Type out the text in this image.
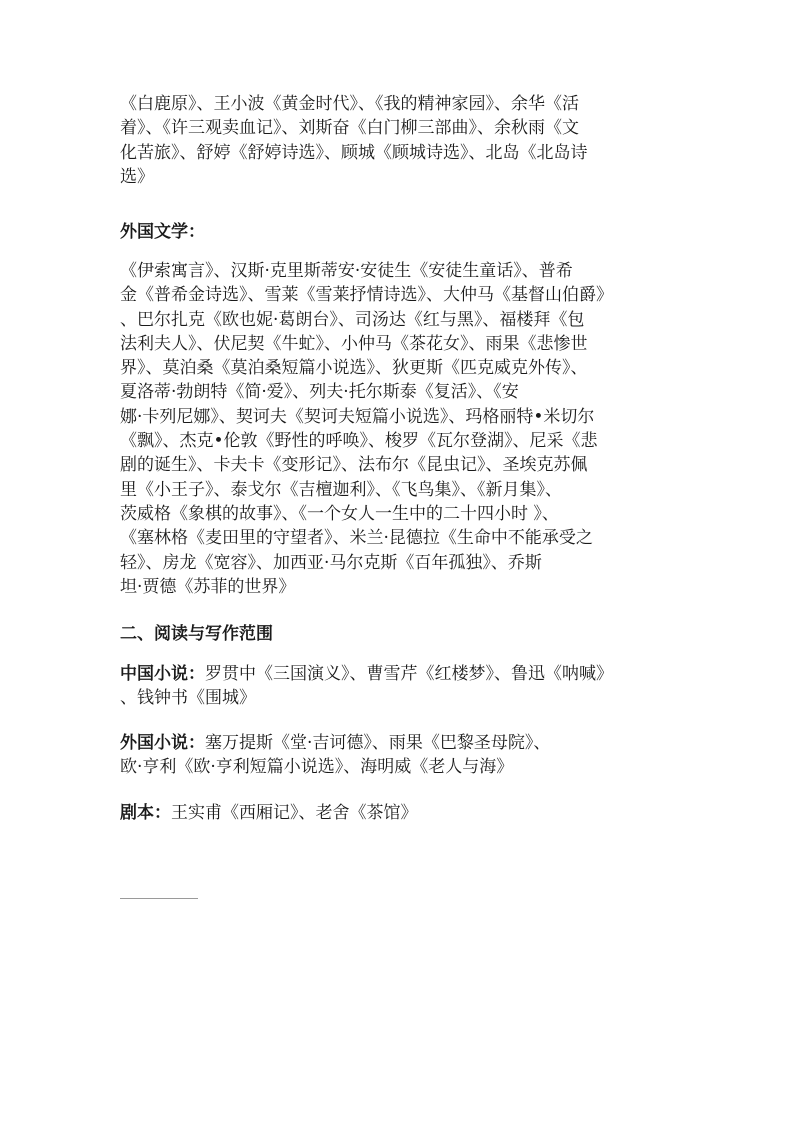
《白鹿原》、王小波《黄金时代》、《我的精神家园》、余华《活
着》、《许三观卖血记》、刘斯奋《白门柳三部曲》、余秋雨《文
化苦旅》、舒婷《舒婷诗选》、顾城《顾城诗选》、北岛《北岛诗
选》

外国文学：

《伊索寓言》、汉斯·克里斯蒂安·安徒生《安徒生童话》、普希
金《普希金诗选》、雪莱《雪莱抒情诗选》、大仲马《基督山伯爵》
、巴尔扎克《欧也妮·葛朗台》、司汤达《红与黑》、福楼拜《包
法利夫人》、伏尼契《牛虻》、小仲马《茶花女》、雨果《悲惨世
界》、莫泊桑《莫泊桑短篇小说选》、狄更斯《匹克威克外传》、
夏洛蒂·勃朗特《简·爱》、列夫·托尔斯泰《复活》、《安
娜·卡列尼娜》、契诃夫《契诃夫短篇小说选》、玛格丽特•米切尔
《飘》、杰克•伦敦《野性的呼唤》、梭罗《瓦尔登湖》、尼采《悲
剧的诞生》、卡夫卡《变形记》、法布尔《昆虫记》、圣埃克苏佩
里《小王子》、泰戈尔《吉檀迦利》、《飞鸟集》、《新月集》、
茨威格《象棋的故事》、《一个女人一生中的二十四小时 》、
《塞林格《麦田里的守望者》、米兰·昆德拉《生命中不能承受之
轻》、房龙《宽容》、加西亚·马尔克斯《百年孤独》、乔斯
坦·贾德《苏菲的世界》

二、阅读与写作范围

中国小说：罗贯中《三国演义》、曹雪芹《红楼梦》、鲁迅《呐喊》
、钱钟书《围城》

外国小说：塞万提斯《堂·吉诃德》、雨果《巴黎圣母院》、
欧·亨利《欧·亨利短篇小说选》、海明威《老人与海》

剧本：王实甫《西厢记》、老舍《茶馆》
